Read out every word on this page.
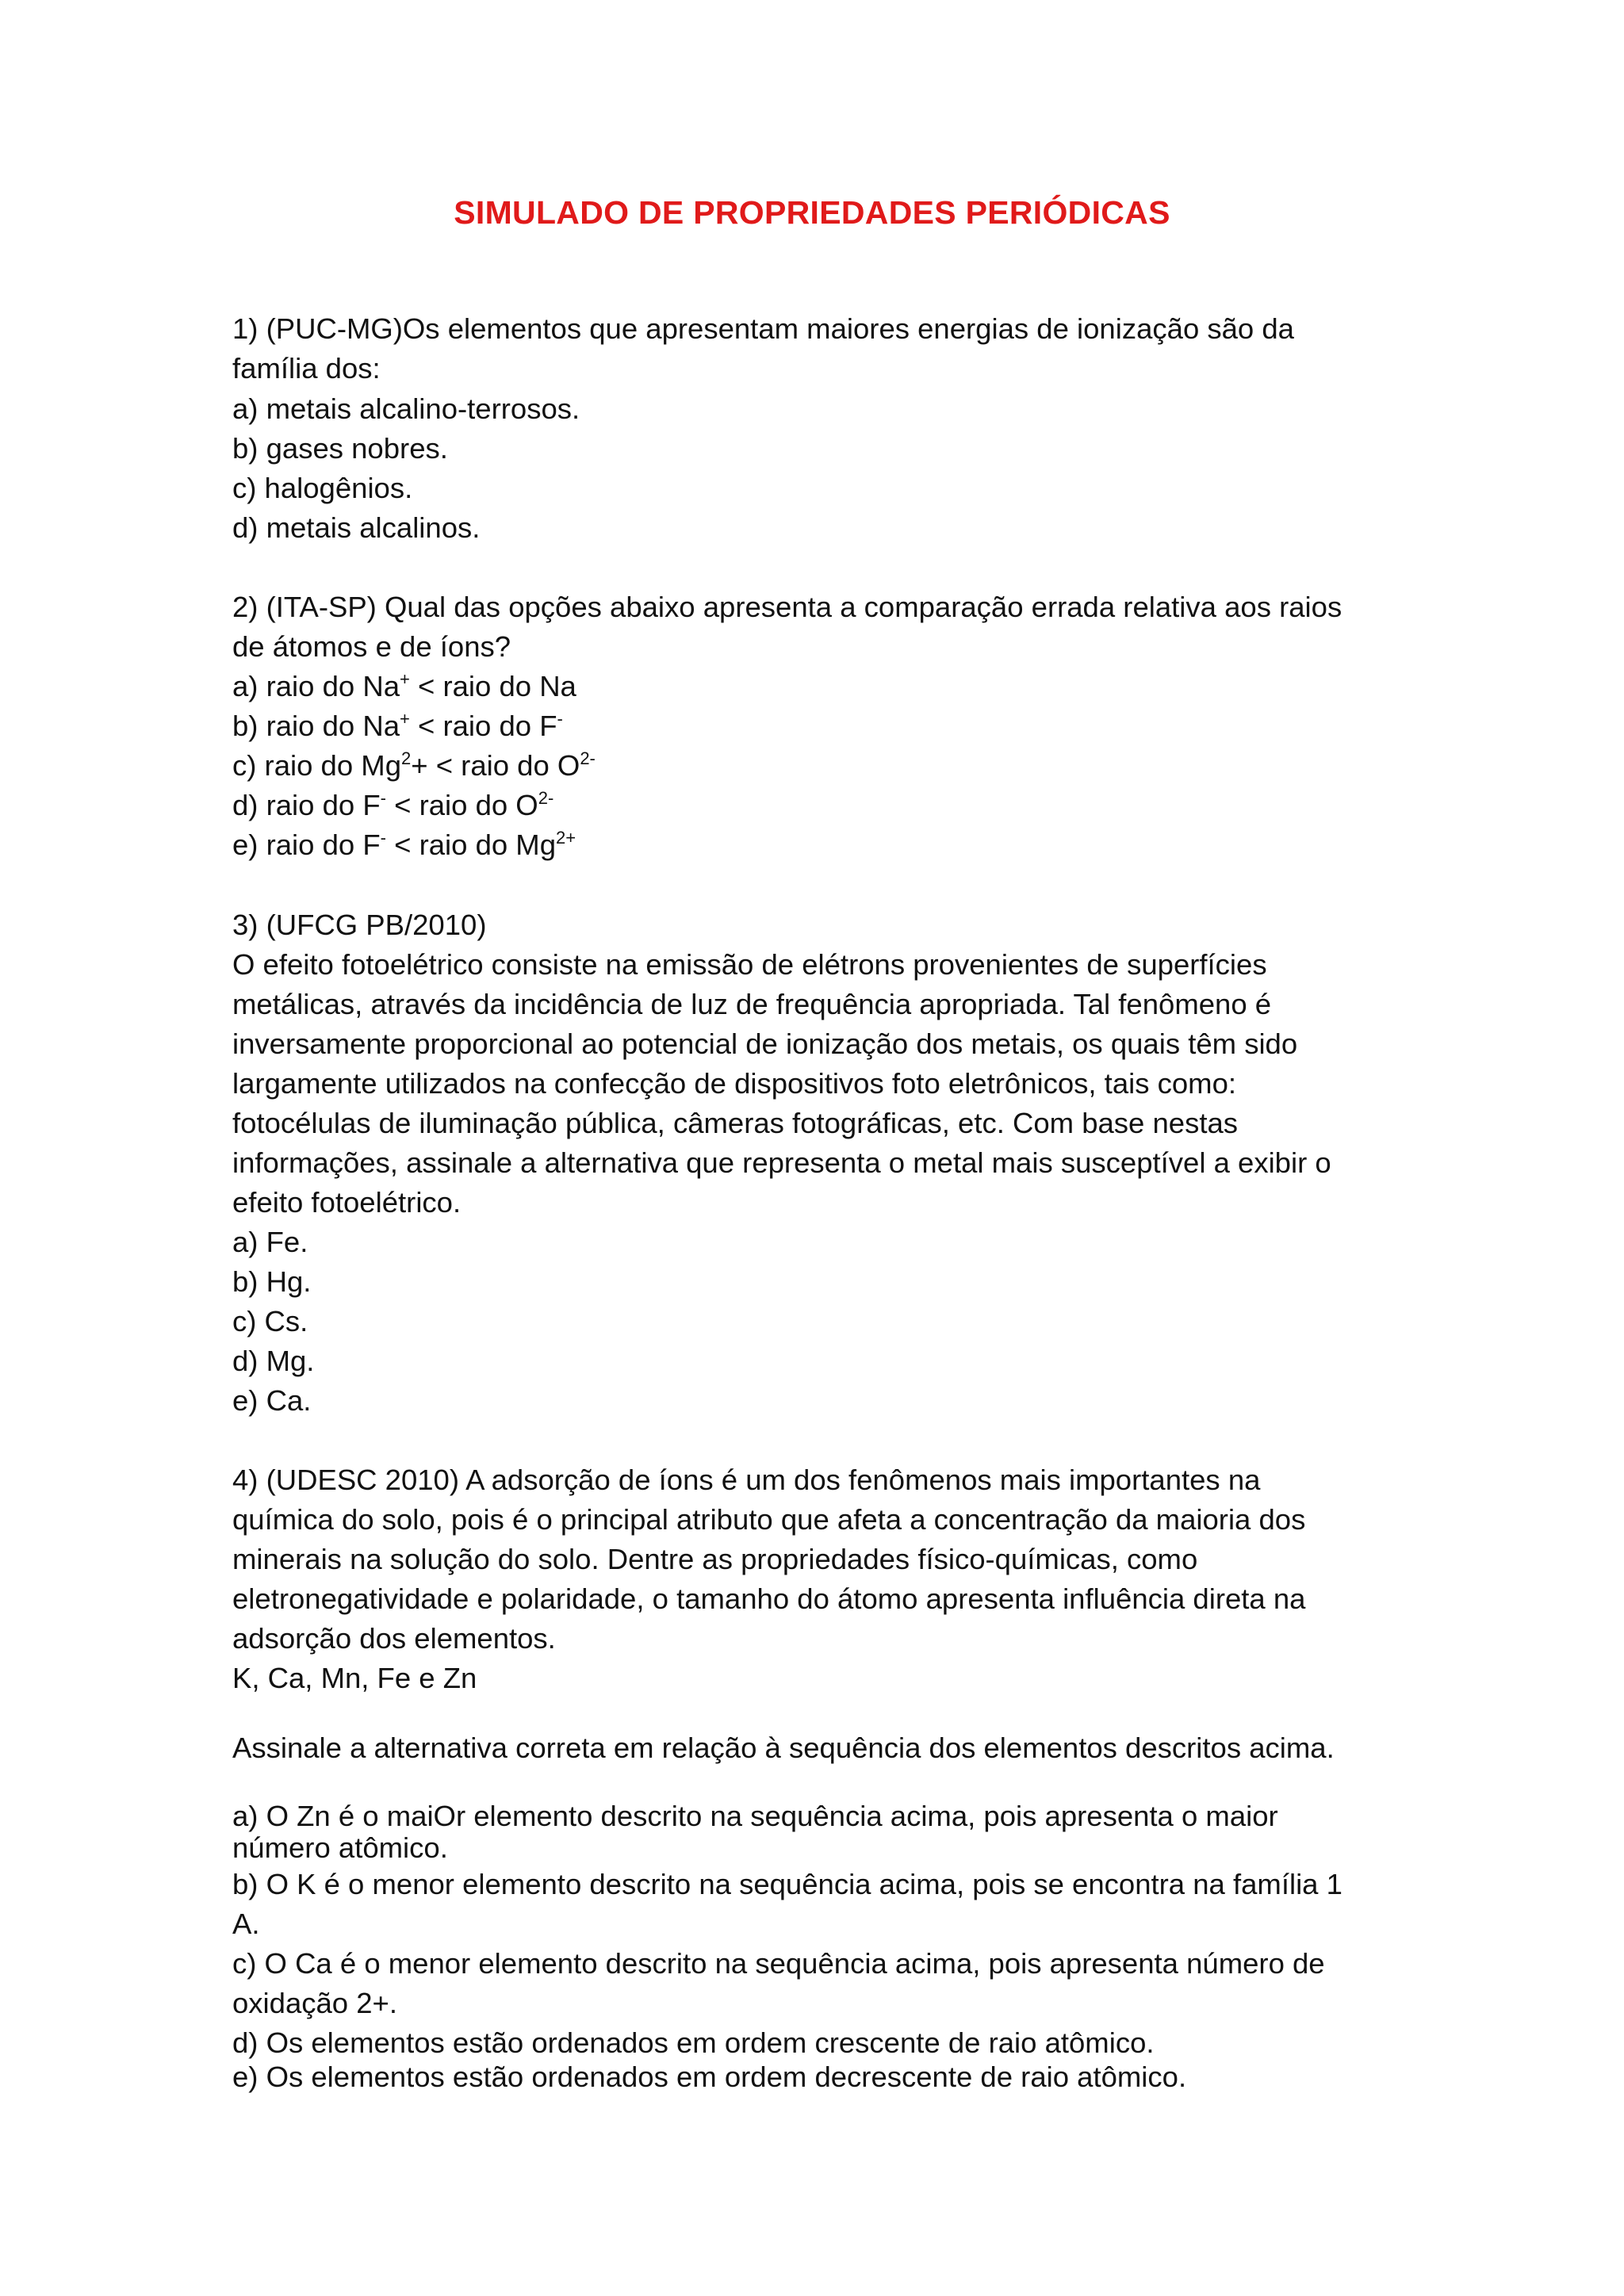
SIMULADO DE PROPRIEDADES PERIÓDICAS
1) (PUC-MG)Os elementos que apresentam maiores energias de ionização são da
família dos:
a) metais alcalino-terrosos.
b) gases nobres.
c) halogênios.
d) metais alcalinos.
2) (ITA-SP) Qual das opções abaixo apresenta a comparação errada relativa aos raios
de átomos e de íons?
a) raio do Na+ < raio do Na
b) raio do Na+ < raio do F-
c) raio do $Mg^2+$ < raio do $O^{2-}$
d) raio do F- < raio do $O^{2-}$
e) raio do F- < raio do $Mg^{2+}$
3) (UFCG PB/2010)
O efeito fotoelétrico consiste na emissão de elétrons provenientes de superfícies
metálicas, através da incidência de luz de frequência apropriada. Tal fenômeno é
inversamente proporcional ao potencial de ionização dos metais, os quais têm sido
largamente utilizados na confecção de dispositivos foto eletrônicos, tais como:
fotocélulas de iluminação pública, câmeras fotográficas, etc. Com base nestas
informações, assinale a alternativa que representa o metal mais susceptível a exibir o
efeito fotoelétrico.
a) Fe.
b) Hg.
c) Cs.
d) Mg.
e) Ca.
4) (UDESC 2010) A adsorção de íons é um dos fenômenos mais importantes na
química do solo, pois é o principal atributo que afeta a concentração da maioria dos
minerais na solução do solo. Dentre as propriedades físico-químicas, como
eletronegatividade e polaridade, o tamanho do átomo apresenta influência direta na
adsorção dos elementos.
K, Ca, Mn, Fe e Zn
Assinale a alternativa correta em relação à sequência dos elementos descritos acima.
a) O Zn é o maiOr elemento descrito na sequência acima, pois apresenta o maior
número atômico.
b) O K é o menor elemento descrito na sequência acima, pois se encontra na família 1
A.
c) O Ca é o menor elemento descrito na sequência acima, pois apresenta número de
oxidação 2+.
d) Os elementos estão ordenados em ordem crescente de raio atômico.
e) Os elementos estão ordenados em ordem decrescente de raio atômico.
